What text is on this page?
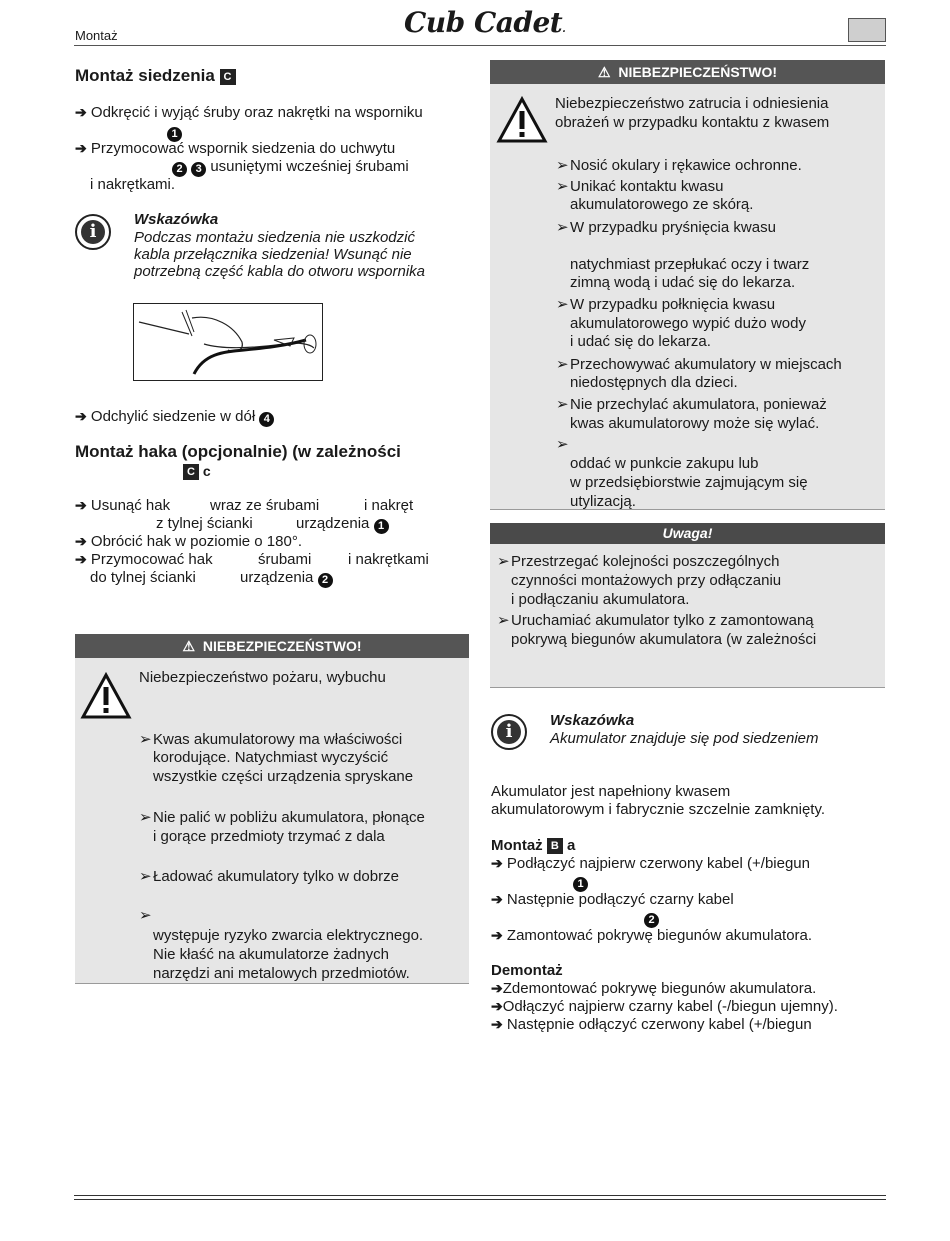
Montaż	Cub Cadet.
Montaż siedzenia C
➔ Odkręcić i wyjąć śruby oraz nakrętki na wsporniku
1
➔ Przymocować wspornik siedzenia do uchwytu
2 3 usuniętymi wcześniej śrubami
i nakrętkami.
i
Wskazówka
Podczas montażu siedzenia nie uszkodzić
kabla przełącznika siedzenia! Wsunąć nie
potrzebną część kabla do otworu wspornika
➔ Odchylić siedzenie w dół 4
Montaż haka (opcjonalnie) (w zależności
C c
➔ Usunąć hak	wraz ze śrubami	i nakręt
z tylnej ścianki	urządzenia 1
➔ Obrócić hak w poziomie o 180°.
➔ Przymocować hak	śrubami i nakrętkami
do tylnej ścianki	urządzenia 2
⚠ NIEBEZPIECZEŃSTWO!
Niebezpieczeństwo pożaru, wybuchu
➢Kwas akumulatorowy ma właściwości
korodujące. Natychmiast wyczyścić
wszystkie części urządzenia spryskane
➢Nie palić w pobliżu akumulatora, płonące
i gorące przedmioty trzymać z dala
➢Ładować akumulatory tylko w dobrze
➢
występuje ryzyko zwarcia elektrycznego.
Nie kłaść na akumulatorze żadnych
narzędzi ani metalowych przedmiotów.
⚠ NIEBEZPIECZEŃSTWO!
Niebezpieczeństwo zatrucia i odniesienia
obrażeń w przypadku kontaktu z kwasem
➢Nosić okulary i rękawice ochronne.
➢Unikać kontaktu kwasu
akumulatorowego ze skórą.
➢W przypadku pryśnięcia kwasu
natychmiast przepłukać oczy i twarz
zimną wodą i udać się do lekarza.
➢W przypadku połknięcia kwasu
akumulatorowego wypić dużo wody
i udać się do lekarza.
➢Przechowywać akumulatory w miejscach
niedostępnych dla dzieci.
➢Nie przechylać akumulatora, ponieważ
kwas akumulatorowy może się wylać.
➢
oddać w punkcie zakupu lub
w przedsiębiorstwie zajmującym się
utylizacją.
Uwaga!
➢Przestrzegać kolejności poszczególnych
czynności montażowych przy odłączaniu
i podłączaniu akumulatora.
➢Uruchamiać akumulator tylko z zamontowaną
pokrywą biegunów akumulatora (w zależności
i
Wskazówka
Akumulator znajduje się pod siedzeniem
Akumulator jest napełniony kwasem
akumulatorowym i fabrycznie szczelnie zamknięty.
Montaż B a
➔ Podłączyć najpierw czerwony kabel (+/biegun
1
➔ Następnie podłączyć czarny kabel
2
➔ Zamontować pokrywę biegunów akumulatora.
Demontaż
➔Zdemontować pokrywę biegunów akumulatora.
➔Odłączyć najpierw czarny kabel (-/biegun ujemny).
➔ Następnie odłączyć czerwony kabel (+/biegun
